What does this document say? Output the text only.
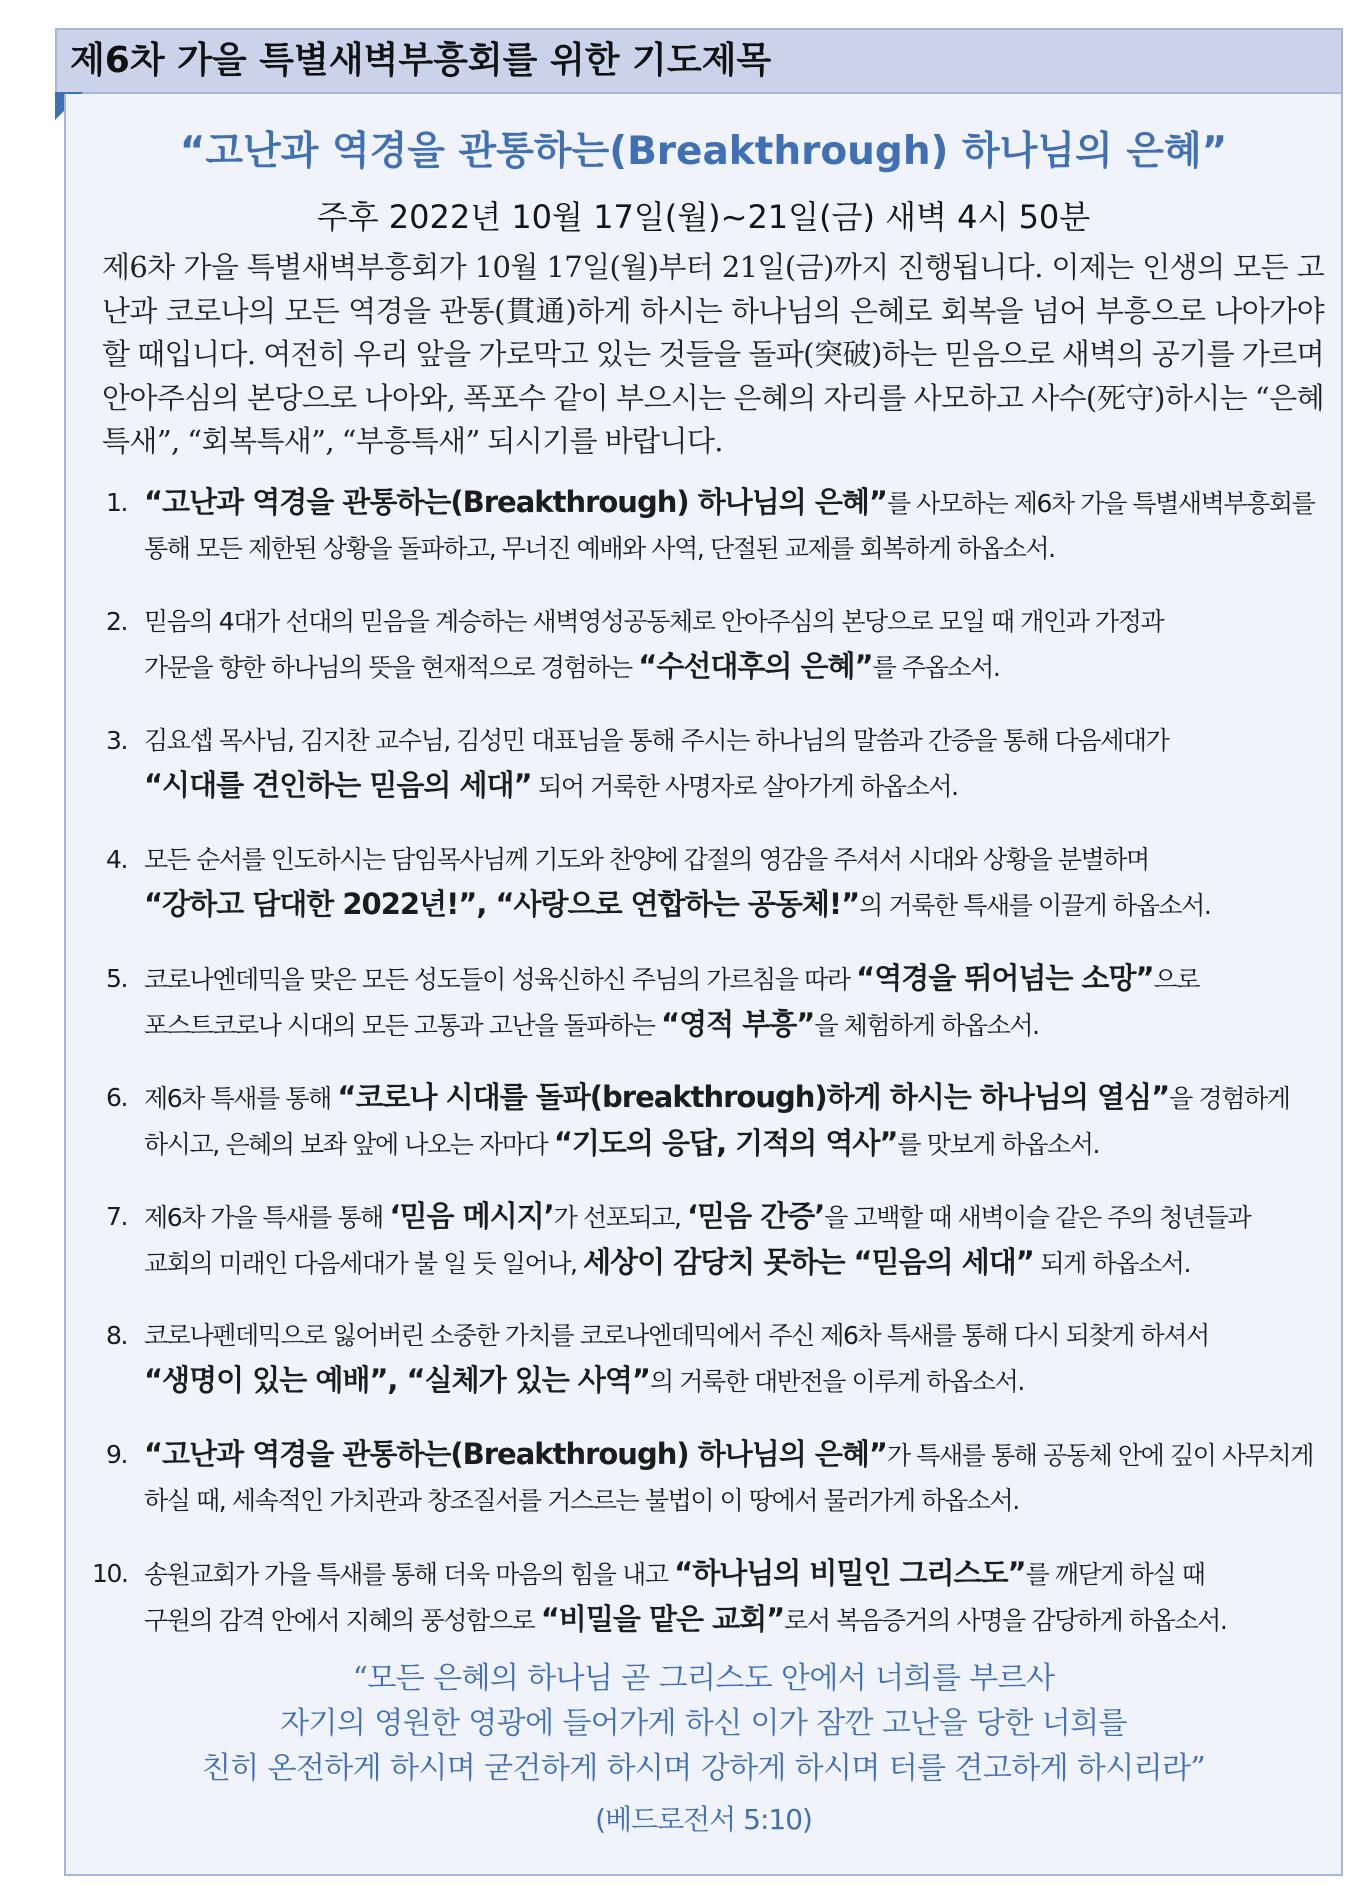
제6차 가을 특별새벽부흥회를 위한 기도제목
“고난과 역경을 관통하는(Breakthrough) 하나님의 은혜”

주후 2022년 10월 17일(월)~21일(금) 새벽 4시 50분

제6차 가을 특별새벽부흥회가 10월 17일(월)부터 21일(금)까지 진행됩니다. 이제는 인생의 모든 고난과 코로나의 모든 역경을 관통(貫通)하게 하시는 하나님의 은혜로 회복을 넘어 부흥으로 나아가야 할 때입니다. 여전히 우리 앞을 가로막고 있는 것들을 돌파(突破)하는 믿음으로 새벽의 공기를 가르며 안아주심의 본당으로 나아와, 폭포수 같이 부으시는 은혜의 자리를 사모하고 사수(死守)하시는 “은혜특새”, “회복특새”, “부흥특새” 되시기를 바랍니다.

1. “고난과 역경을 관통하는(Breakthrough) 하나님의 은혜”를 사모하는 제6차 가을 특별새벽부흥회를
통해 모든 제한된 상황을 돌파하고, 무너진 예배와 사역, 단절된 교제를 회복하게 하옵소서.
2. 믿음의 4대가 선대의 믿음을 계승하는 새벽영성공동체로 안아주심의 본당으로 모일 때 개인과 가정과
가문을 향한 하나님의 뜻을 현재적으로 경험하는 “수선대후의 은혜”를 주옵소서.
3. 김요셉 목사님, 김지찬 교수님, 김성민 대표님을 통해 주시는 하나님의 말씀과 간증을 통해 다음세대가
“시대를 견인하는 믿음의 세대” 되어 거룩한 사명자로 살아가게 하옵소서.
4. 모든 순서를 인도하시는 담임목사님께 기도와 찬양에 갑절의 영감을 주셔서 시대와 상황을 분별하며
“강하고 담대한 2022년!”, “사랑으로 연합하는 공동체!”의 거룩한 특새를 이끌게 하옵소서.
5. 코로나엔데믹을 맞은 모든 성도들이 성육신하신 주님의 가르침을 따라 “역경을 뛰어넘는 소망”으로
포스트코로나 시대의 모든 고통과 고난을 돌파하는 “영적 부흥”을 체험하게 하옵소서.
6. 제6차 특새를 통해 “코로나 시대를 돌파(breakthrough)하게 하시는 하나님의 열심”을 경험하게
하시고, 은혜의 보좌 앞에 나오는 자마다 “기도의 응답, 기적의 역사”를 맛보게 하옵소서.
7. 제6차 가을 특새를 통해 ‘믿음 메시지’가 선포되고, ‘믿음 간증’을 고백할 때 새벽이슬 같은 주의 청년들과
교회의 미래인 다음세대가 불 일 듯 일어나, 세상이 감당치 못하는 “믿음의 세대” 되게 하옵소서.
8. 코로나펜데믹으로 잃어버린 소중한 가치를 코로나엔데믹에서 주신 제6차 특새를 통해 다시 되찾게 하셔서
“생명이 있는 예배”, “실체가 있는 사역”의 거룩한 대반전을 이루게 하옵소서.
9. “고난과 역경을 관통하는(Breakthrough) 하나님의 은혜”가 특새를 통해 공동체 안에 깊이 사무치게
하실 때, 세속적인 가치관과 창조질서를 거스르는 불법이 이 땅에서 물러가게 하옵소서.
10. 송원교회가 가을 특새를 통해 더욱 마음의 힘을 내고 “하나님의 비밀인 그리스도”를 깨닫게 하실 때
구원의 감격 안에서 지혜의 풍성함으로 “비밀을 맡은 교회”로서 복음증거의 사명을 감당하게 하옵소서.

“모든 은혜의 하나님 곧 그리스도 안에서 너희를 부르사
자기의 영원한 영광에 들어가게 하신 이가 잠깐 고난을 당한 너희를
친히 온전하게 하시며 굳건하게 하시며 강하게 하시며 터를 견고하게 하시리라”

(베드로전서 5:10)
